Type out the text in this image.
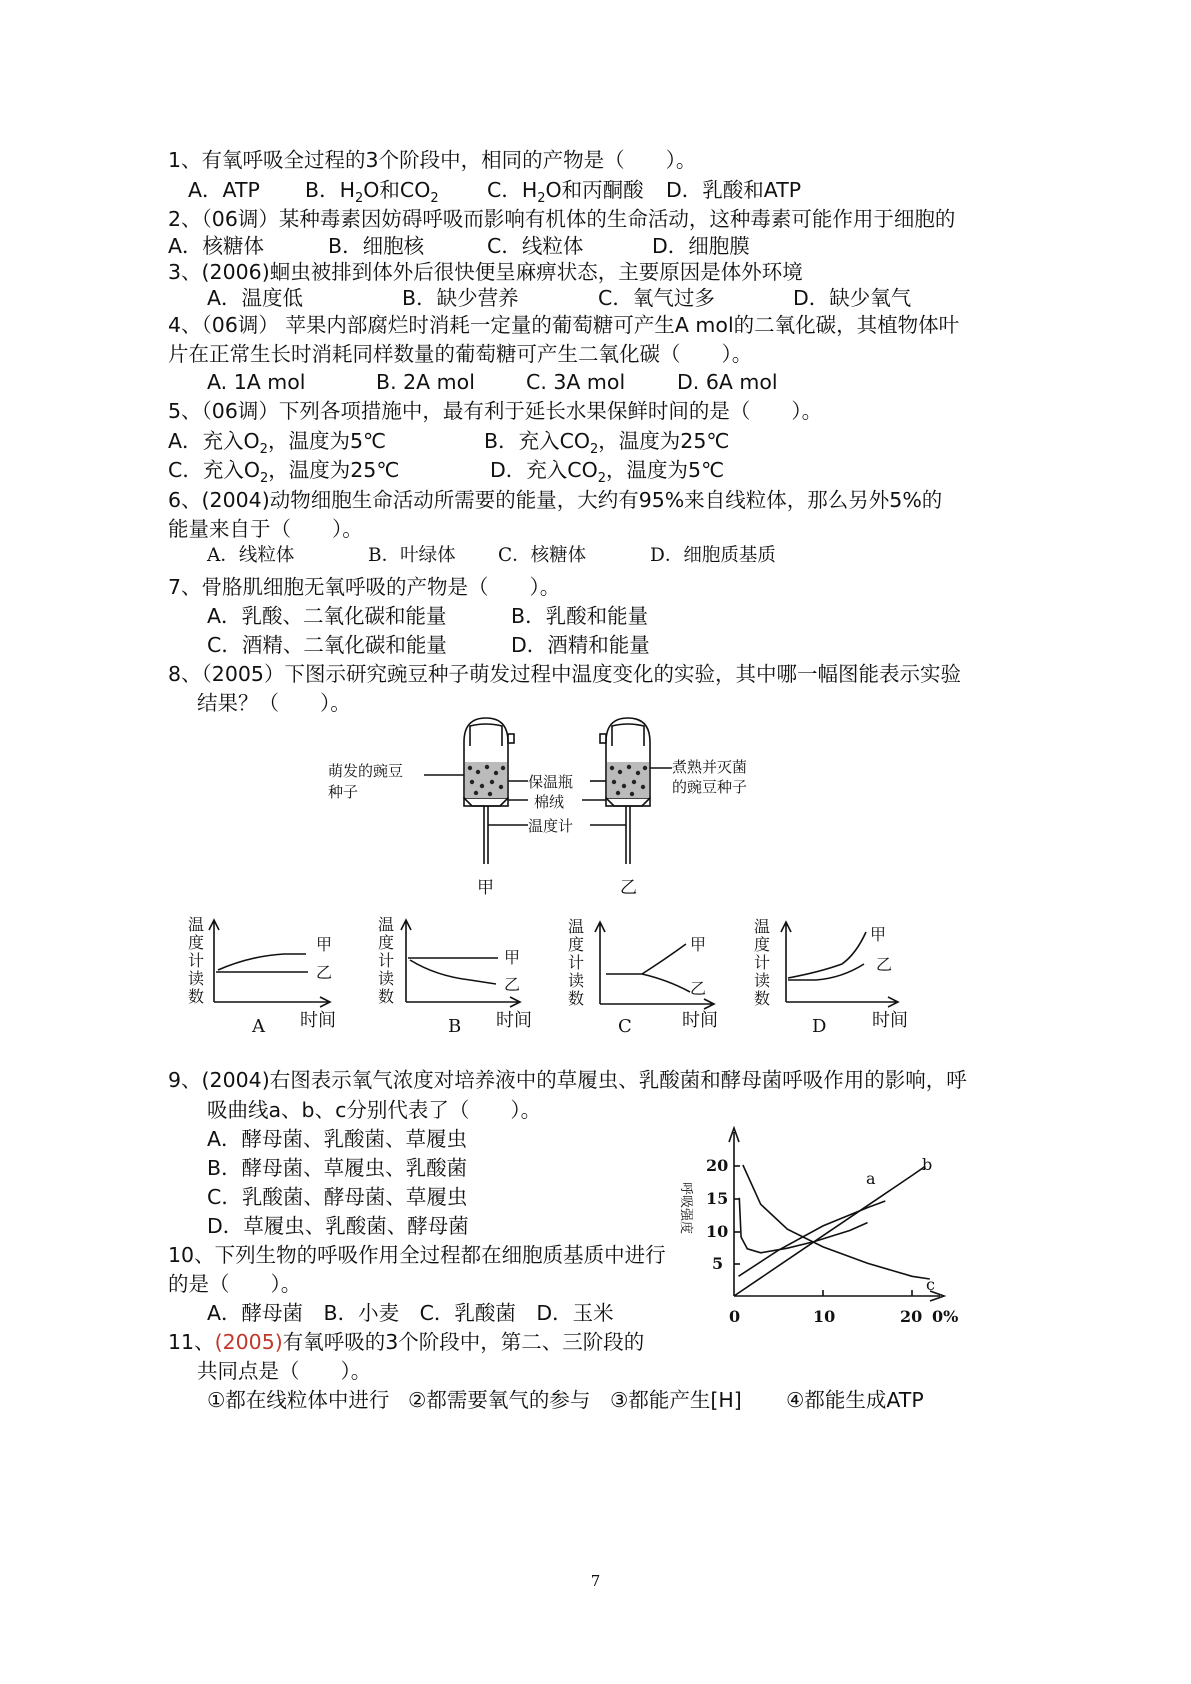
1、有氧呼吸全过程的3个阶段中，相同的产物是（　　）。
A．ATP B．$H_2O$和$CO_2$ C．$H_2O$和丙酮酸 D．乳酸和ATP
2、（06调）某种毒素因妨碍呼吸而影响有机体的生命活动，这种毒素可能作用于细胞的
A．核糖体	B．细胞核	C．线粒体	D．细胞膜
3、(2006)蛔虫被排到体外后很快便呈麻痹状态，主要原因是体外环境
A．温度低	B．缺少营养	C．氧气过多	D．缺少氧气
4、（06调） 苹果内部腐烂时消耗一定量的葡萄糖可产生A mol的二氧化碳，其植物体叶
片在正常生长时消耗同样数量的葡萄糖可产生二氧化碳（　　）。
A. 1A mol	B. 2A mol C. 3A mol	D. 6A mol
5、（06调）下列各项措施中，最有利于延长水果保鲜时间的是（　　）。
A．充入$O_2$，温度为5℃	B．充入$CO_2$，温度为25℃
C．充入$O_2$，温度为25℃	D．充入$CO_2$，温度为5℃
6、(2004)动物细胞生命活动所需要的能量，大约有95%来自线粒体，那么另外5%的
能量来自于（　　）。
A．线粒体	B．叶绿体 C．核糖体	D．细胞质基质
7、骨胳肌细胞无氧呼吸的产物是（　　）。
A．乳酸、二氧化碳和能量	B．乳酸和能量
C．酒精、二氧化碳和能量	D．酒精和能量
8、（2005）下图示研究豌豆种子萌发过程中温度变化的实验，其中哪一幅图能表示实验
结果？（　　）。
萌发的豌豆
种子
煮熟并灭菌
的豌豆种子
保温瓶
棉绒
温度计
甲	乙
温
度
计
读
数
温
度
计
读
数
温
度
计
读
数
温
度
计
读
数
甲
乙
甲
乙
甲
乙
甲
乙
A 时间	B 时间	C	时间	D	时间
9、(2004)右图表示氧气浓度对培养液中的草履虫、乳酸菌和酵母菌呼吸作用的影响，呼
吸曲线a、b、c分别代表了（　　）。
A．酵母菌、乳酸菌、草履虫
B．酵母菌、草履虫、乳酸菌
C．乳酸菌、酵母菌、草履虫
D．草履虫、乳酸菌、酵母菌
5
10
15
20
0	10	20 0%
a
b
c
呼吸强度
10、下列生物的呼吸作用全过程都在细胞质基质中进行
的是（　　）。
A．酵母菌　B．小麦　C．乳酸菌　D．玉米
11、(2005)有氧呼吸的3个阶段中，第二、三阶段的
共同点是（　　）。
①都在线粒体中进行 ②都需要氧气的参与 ③都能产生[H] ④都能生成ATP
7
